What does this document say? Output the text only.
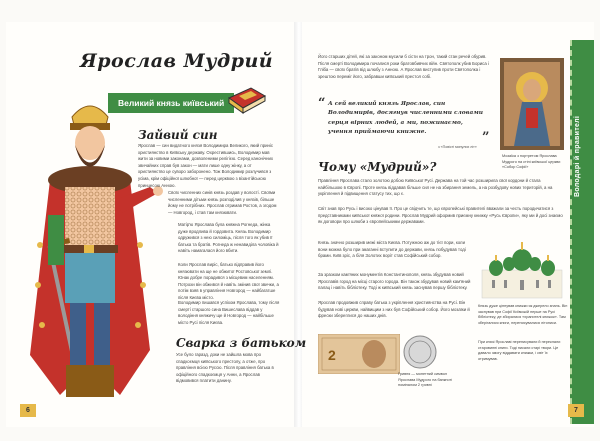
Ярослав Мудрий
Великий князь київський
Зайвий син
Ярослав — син видатного князя Володимира Великого, який приніс християнство в Київську державу. Охрестившись, Володимир мав жити за новими законами, дозволеними релігією. Серед канонічних звичайних справ був закон — мати лише одну жінку, а от християнство це суворо заборонено. Тож Володимир розлучився з усіма, крім офіційної шлюбної — перед церквою з візантійською принцесою Анною.
Своїх численних синів князь роздав у волості. Своїми численними дітьми князь розподілив у князів, більше йому не потрібних. Ярослав отримав Ростов, а згодом — Новгород, і став там князювати.
Матір'ю Ярослава була княжна Рогнеда, жінка дуже вродлива й гордовита. Князь Володимир одружився з нею силоміць, після того як убив її батька та братів. Рогнеда ж ненавиділа чоловіка й навіть намагалася його вбити.
Коли Ярослав виріс, батько відправив його князювати на ще не обжитої Ростовської землі. Юнак добре порадився з місцевим населенням. Потрохи він обжився й навіть змінив свої звички, а потім взяв в управління Новгород — найбагатше після Києва місто.
Володимир пишався успіхом Ярослава, тому після смерті старшого сина Вишеслава віддав у володіння княжичу ще й Новгород — найбільше місто Русі після Києва.
Сварка з батьком
Усе було гаразд, доки не зайшла мова про спадкоємця київського престолу, а отже, про правління всією Руссю. Після правління батька в офіційного спадкоємця у Анни, а Ярослав відмовився платити данину.
6
Його старших дітей, які за законом мусили б сісти на трон, такий стан речей обурив. Після смерті Володимира почалися роки братовбивчих війн. Святополк убив Бориса і Гліба — своїх братів від шлюбу з Анною. А Ярослав виступив проти Святополка і зрештою переміг його, забравши київський престол собі.
“ А сей великий князь Ярослав, син Володимирів, досягнув численними словами серця вірних людей, а ми, пожинаємо, учення приймаючи книжне.	”
з «Повісті минулих літ»
Мозаїка з портретом Ярослава Мудрого на стіні київської церкви «Собор Софії»
Чому «Мудрий»?
Правління Ярослава стало золотою добою Київської Русі. Держава на той час розширила свої кордони й стала найбільшою в Європі. Проте князь віддавав більше сил не на збирання земель, а на розбудову нових територій, а на укріплення й підвищення статусу тих, що є.
Світ знав про Русь і високо цінував її. Про це свідчить те, що європейські правителі вважали за честь породичатися з представниками київської княжої родини. Ярослав Мудрий оформив приємну книжку «Русь Європи», яку ми й досі знаємо як договори про шлюби з європейськими державами.
Князь значно розширив межі міста Києва. Потужною аж до тієї пори, коли вони можна було при змаганні вступити до держави, князь побудував тоді брами. Київ зріс, а біля Золотих воріт став Софійський собор.
За зразком кам'яних монументів Константинополя, князь збудував новий Ярославів город на місці старого города. Він також збудував новий кам'яний палац і навіть бібліотеку. Тоді ж київський князь заснував першу бібліотеку.
Ярослав продовжив справу батька з укріплення християнства на Русі. Він будував нові церкви, найвищим з них був Софійський собор. Його мозаїки й фрески збереглися до наших днів.
2
Гривня — монетний символ Ярослава Мудрого на банкноті номіналом 2 гривні
Князь дуже ціннував книжки як джерело знань. Він заснував при Софії Київській перше на Русі бібліотеку, де збиралися «хранителі книжок». Там зберігалися книги, переписувалися літописи.
При князі Ярославі переписували й переклали старовинні книги. Тоді писали старі твори. Це давало змогу віддавати книжки, і світ їх отримував.
Володарі й правителі
7
